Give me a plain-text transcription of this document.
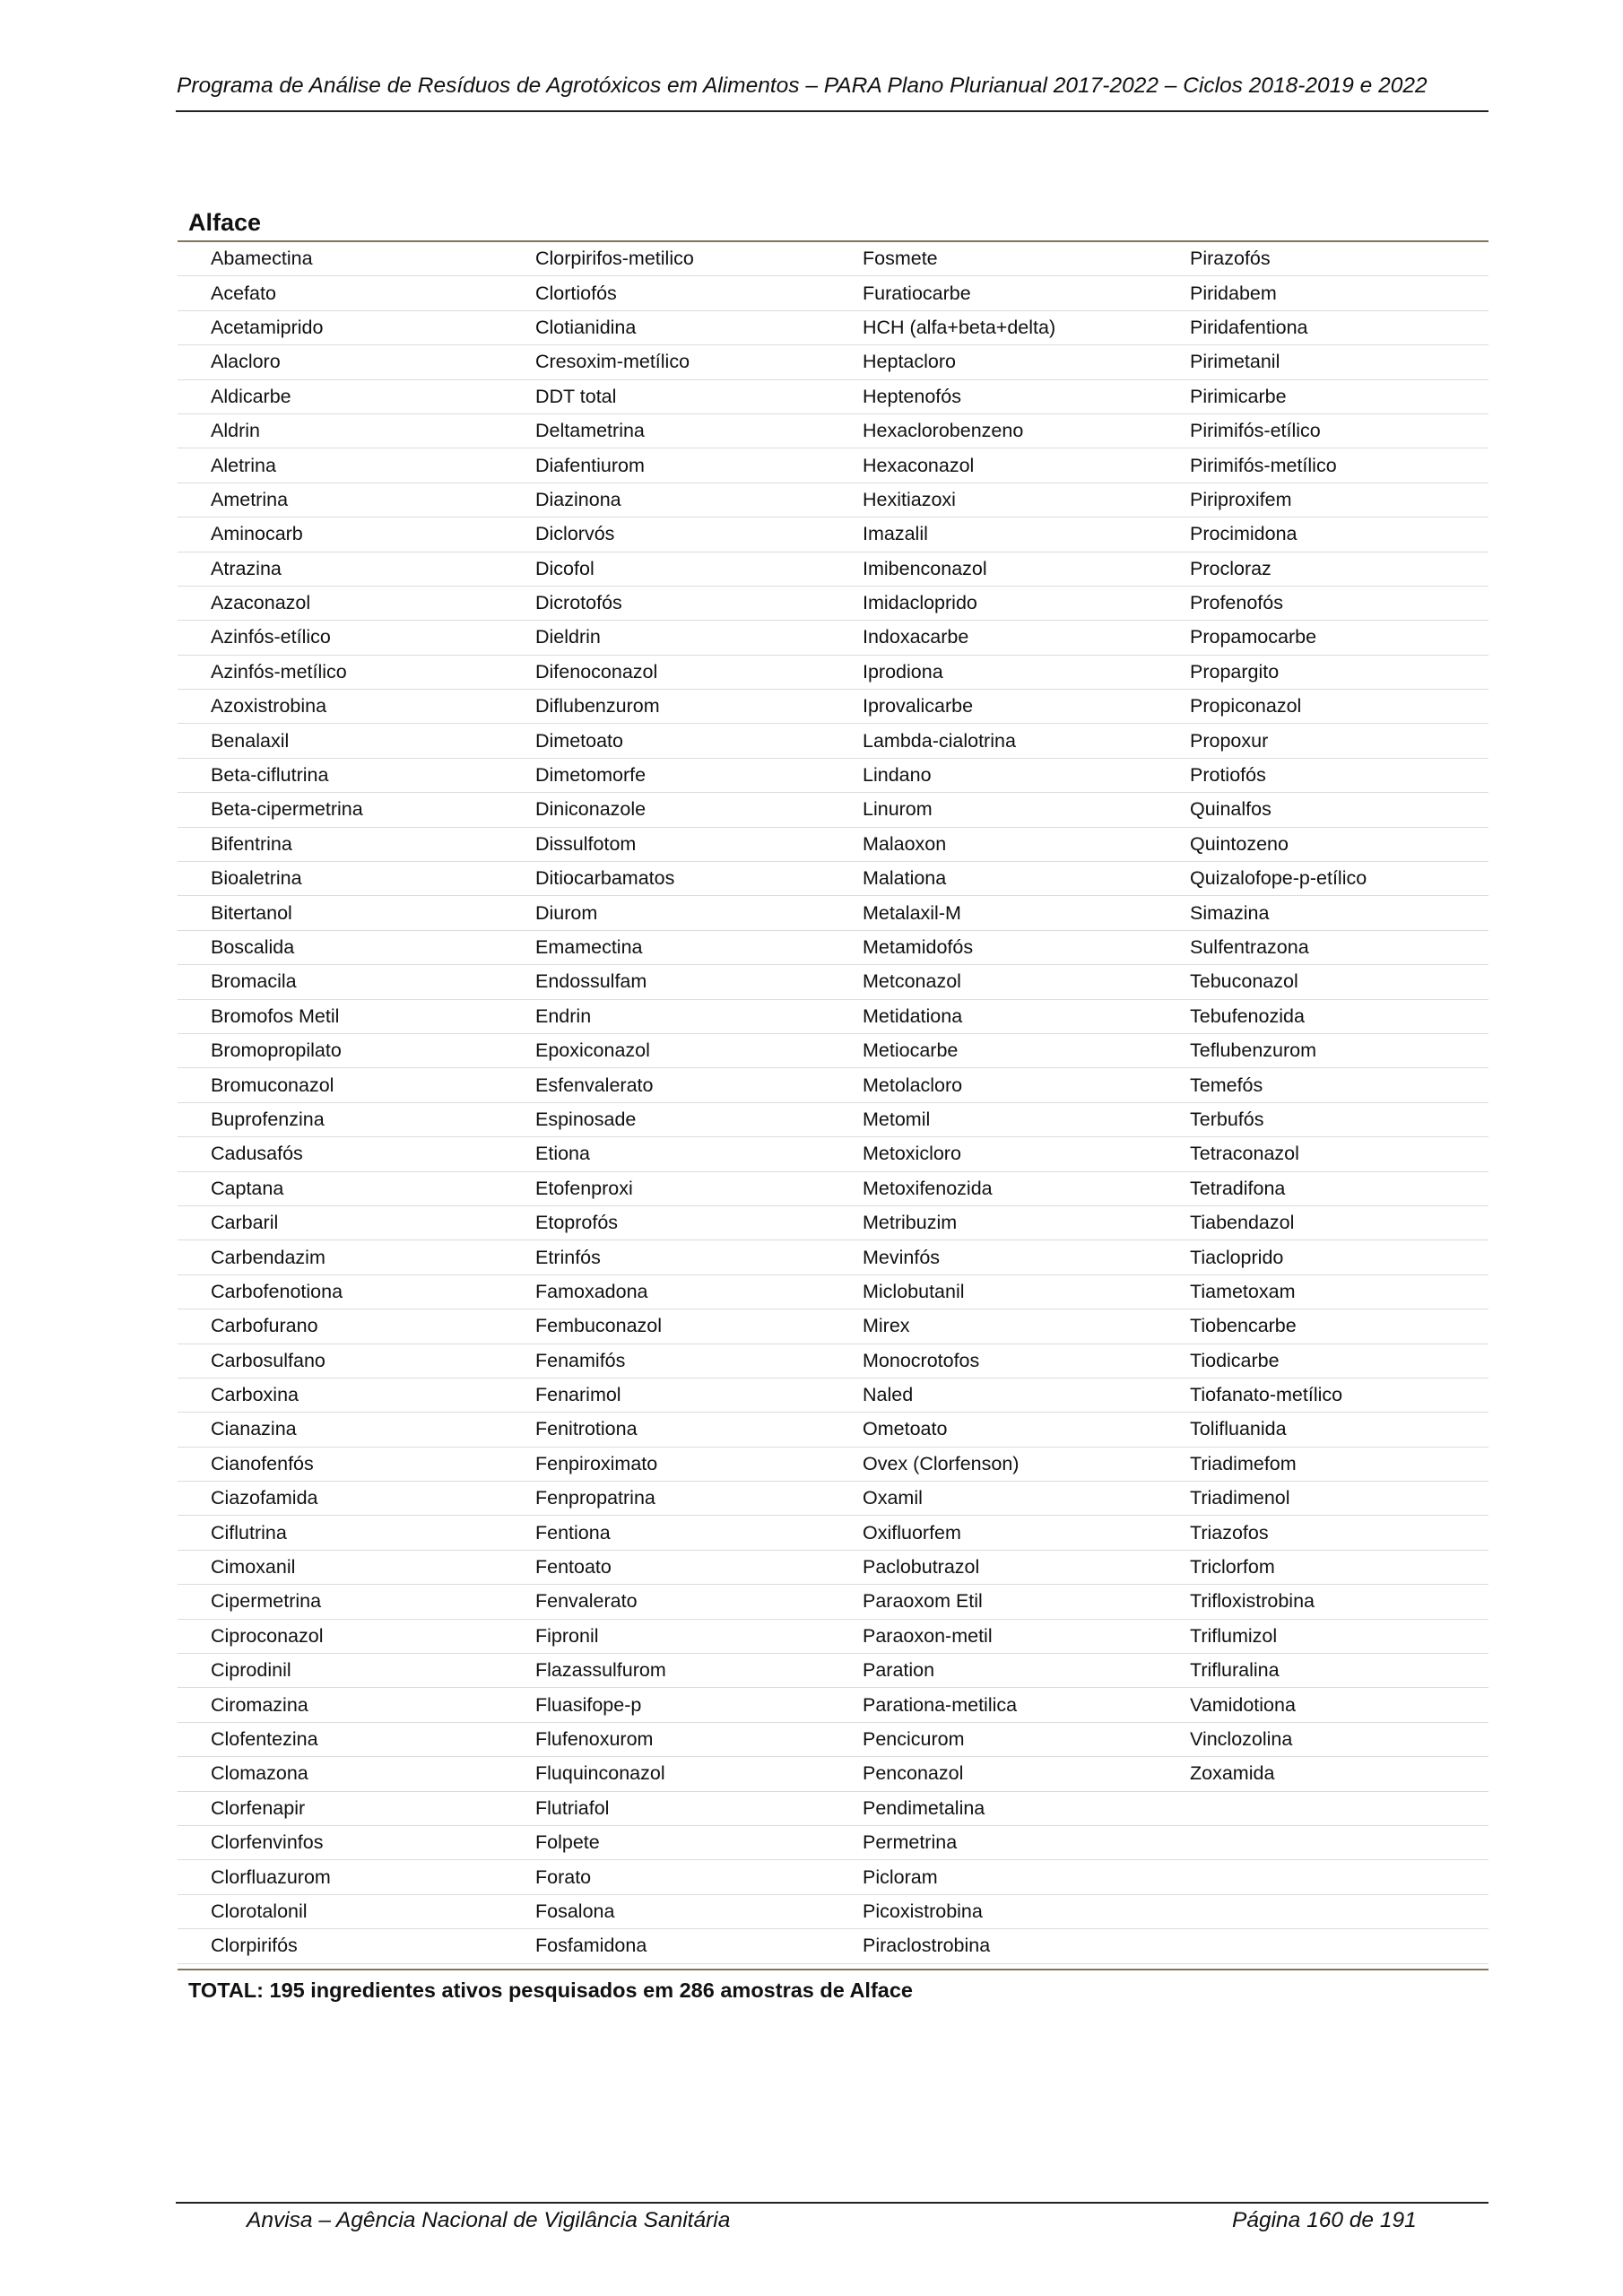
Programa de Análise de Resíduos de Agrotóxicos em Alimentos – PARA Plano Plurianual 2017-2022 – Ciclos 2018-2019 e 2022
Alface
Abamectina	Clorpirifos-metilico	Fosmete	Pirazofós
Acefato	Clortiofós	Furatiocarbe	Piridabem
Acetamiprido	Clotianidina	HCH (alfa+beta+delta)	Piridafentiona
Alacloro	Cresoxim-metílico	Heptacloro	Pirimetanil
Aldicarbe	DDT total	Heptenofós	Pirimicarbe
Aldrin	Deltametrina	Hexaclorobenzeno	Pirimifós-etílico
Aletrina	Diafentiurom	Hexaconazol	Pirimifós-metílico
Ametrina	Diazinona	Hexitiazoxi	Piriproxifem
Aminocarb	Diclorvós	Imazalil	Procimidona
Atrazina	Dicofol	Imibenconazol	Procloraz
Azaconazol	Dicrotofós	Imidacloprido	Profenofós
Azinfós-etílico	Dieldrin	Indoxacarbe	Propamocarbe
Azinfós-metílico	Difenoconazol	Iprodiona	Propargito
Azoxistrobina	Diflubenzurom	Iprovalicarbe	Propiconazol
Benalaxil	Dimetoato	Lambda-cialotrina	Propoxur
Beta-ciflutrina	Dimetomorfe	Lindano	Protiofós
Beta-cipermetrina	Diniconazole	Linurom	Quinalfos
Bifentrina	Dissulfotom	Malaoxon	Quintozeno
Bioaletrina	Ditiocarbamatos	Malationa	Quizalofope-p-etílico
Bitertanol	Diurom	Metalaxil-M	Simazina
Boscalida	Emamectina	Metamidofós	Sulfentrazona
Bromacila	Endossulfam	Metconazol	Tebuconazol
Bromofos Metil	Endrin	Metidationa	Tebufenozida
Bromopropilato	Epoxiconazol	Metiocarbe	Teflubenzurom
Bromuconazol	Esfenvalerato	Metolacloro	Temefós
Buprofenzina	Espinosade	Metomil	Terbufós
Cadusafós	Etiona	Metoxicloro	Tetraconazol
Captana	Etofenproxi	Metoxifenozida	Tetradifona
Carbaril	Etoprofós	Metribuzim	Tiabendazol
Carbendazim	Etrinfós	Mevinfós	Tiacloprido
Carbofenotiona	Famoxadona	Miclobutanil	Tiametoxam
Carbofurano	Fembuconazol	Mirex	Tiobencarbe
Carbosulfano	Fenamifós	Monocrotofos	Tiodicarbe
Carboxina	Fenarimol	Naled	Tiofanato-metílico
Cianazina	Fenitrotiona	Ometoato	Tolifluanida
Cianofenfós	Fenpiroximato	Ovex (Clorfenson)	Triadimefom
Ciazofamida	Fenpropatrina	Oxamil	Triadimenol
Ciflutrina	Fentiona	Oxifluorfem	Triazofos
Cimoxanil	Fentoato	Paclobutrazol	Triclorfom
Cipermetrina	Fenvalerato	Paraoxom Etil	Trifloxistrobina
Ciproconazol	Fipronil	Paraoxon-metil	Triflumizol
Ciprodinil	Flazassulfurom	Paration	Trifluralina
Ciromazina	Fluasifope-p	Parationa-metilica	Vamidotiona
Clofentezina	Flufenoxurom	Pencicurom	Vinclozolina
Clomazona	Fluquinconazol	Penconazol	Zoxamida
Clorfenapir	Flutriafol	Pendimetalina	
Clorfenvinfos	Folpete	Permetrina	
Clorfluazurom	Forato	Picloram	
Clorotalonil	Fosalona	Picoxistrobina	
Clorpirifós	Fosfamidona	Piraclostrobina	
TOTAL: 195 ingredientes ativos pesquisados em 286 amostras de Alface
Anvisa – Agência Nacional de Vigilância Sanitária	Página 160 de 191
